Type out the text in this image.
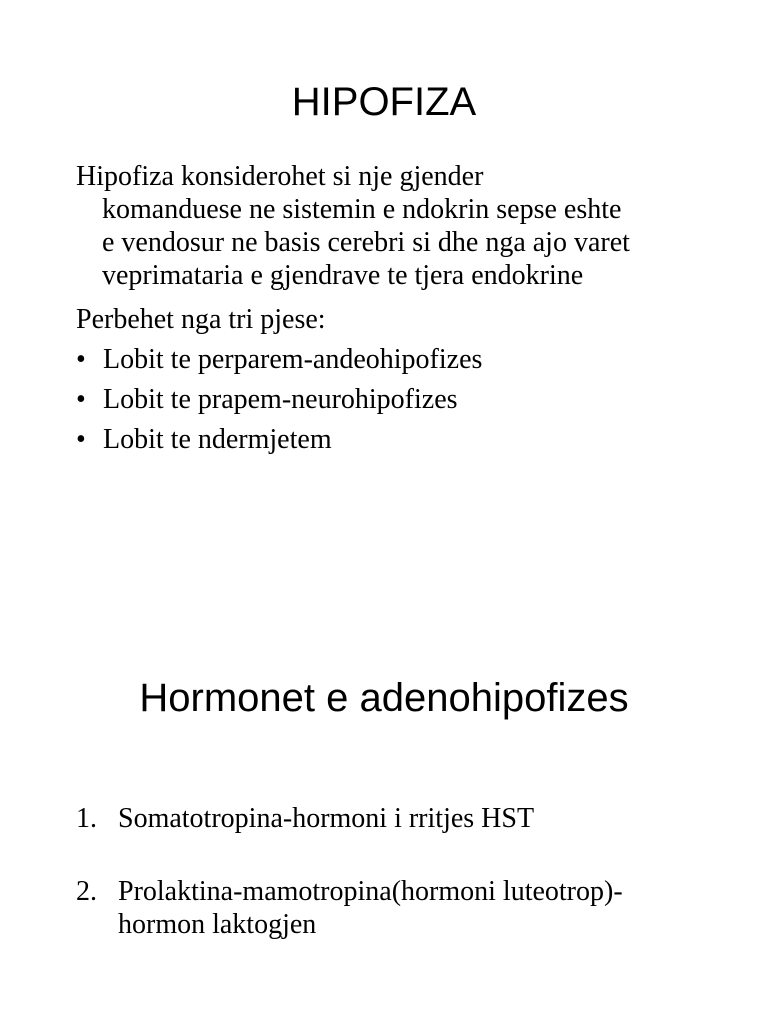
HIPOFIZA

Hipofiza konsiderohet si nje gjender
komanduese ne sistemin e ndokrin sepse eshte
e vendosur ne basis cerebri si dhe nga ajo varet
veprimataria e gjendrave te tjera endokrine

Perbehet nga tri pjese:

• Lobit te perparem-andeohipofizes
• Lobit te prapem-neurohipofizes
• Lobit te ndermjetem
Hormonet e adenohipofizes
1. Somatotropina-hormoni i rritjes HST
2. Prolaktina-mamotropina(hormoni luteotrop)-
hormon laktogjen
